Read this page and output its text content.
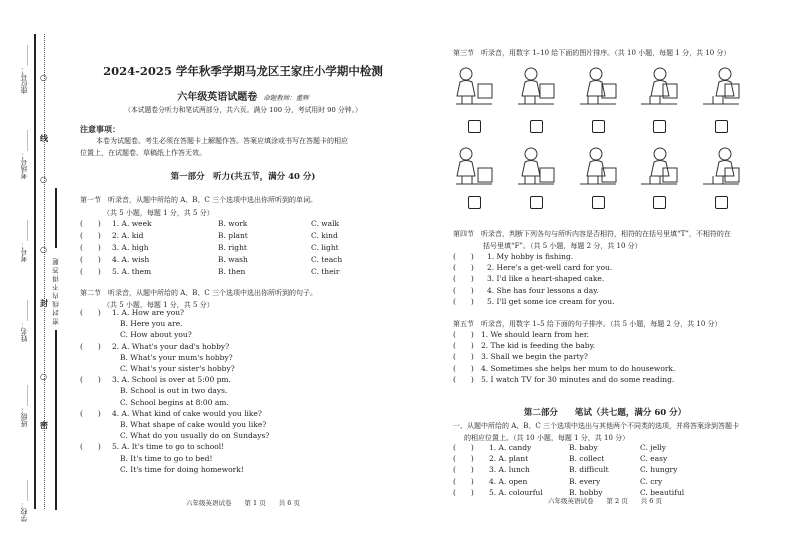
学校：______
班级：______
姓名：______
考号：______
考场号：______
座位号：______
密
封
线
○
○
○
○
密 封 线 内 不 得 答 题
2024-2025 学年秋季学期马龙区王家庄小学期中检测
六年级英语试题卷 命题教师：董辉
（本试题卷分听力和笔试两部分，共六页。满分 100 分，考试用时 90 分钟。）
注意事项：
本卷为试题卷。考生必须在答题卡上解题作答。答案应填涂或书写在答题卡的相应
位置上，在试题卷、草稿纸上作答无效。
第一部分　听力(共五节，满分 40 分)
第一节　听录音，从题中所给的 A、B、C 三个选项中选出你所听到的单词。
（共 5 小题，每题 1 分，共 5 分）
(　　) 1. A. week	B. work	C. walk
(　　) 2. A. kid	B. plant	C. kind
(　　) 3. A. high	B. right	C. light
(　　) 4. A. wish	B. wash	C. teach
(　　) 5. A. them	B. then	C. their
第二节　听录音，从题中所给的 A、B、C 三个选项中选出你所听到的句子。
（共 5 小题，每题 1 分，共 5 分）
(　　) 1. A. How are you?
B. Here you are.
C. How about you?
(　　) 2. A. What's your dad's hobby?
B. What's your mum's hobby?
C. What's your sister's hobby?
(　　) 3. A. School is over at 5:00 pm.
B. School is out in two days.
C. School begins at 8:00 am.
(　　) 4. A. What kind of cake would you like?
B. What shape of cake would you like?
C. What do you usually do on Sundays?
(　　) 5. A. It's time to go to school!
B. It's time to go to bed!
C. It's time for doing homework!
六年级英语试卷　　第 1 页　　共 6 页
第三节　听录音，用数字 1–10 给下面的图片排序。（共 10 小题，每题 1 分，共 10 分）
第四节　听录音，判断下列各句与所听内容是否相符，相符的在括号里填“T”，不相符的在
括号里填“F”。（共 5 小题，每题 2 分，共 10 分）
(　　) 1. My hobby is fishing.
(　　) 2. Here's a get-well card for you.
(　　) 3. I'd like a heart-shaped cake.
(　　) 4. She has four lessons a day.
(　　) 5. I'll get some ice cream for you.
第五节　听录音，用数字 1–5 给下面的句子排序。（共 5 小题，每题 2 分，共 10 分）
(　　) 1. We should learn from her.
(　　) 2. The kid is feeding the baby.
(　　) 3. Shall we begin the party?
(　　) 4. Sometimes she helps her mum to do housework.
(　　) 5. I watch TV for 30 minutes and do some reading.
第二部分　　笔试（共七题，满分 60 分）
一、从题中所给的 A、B、C 三个选项中选出与其他两个不同类的选项，并将答案涂到答题卡
的相应位置上。（共 10 小题，每题 1 分，共 10 分）
(　　) 1. A. candy	B. baby	C. jelly
(　　) 2. A. plant	B. collect	C. easy
(　　) 3. A. lunch	B. difficult	C. hungry
(　　) 4. A. open	B. every	C. cry
(　　) 5. A. colourful	B. hobby	C. beautiful
六年级英语试卷　　第 2 页　　共 6 页
